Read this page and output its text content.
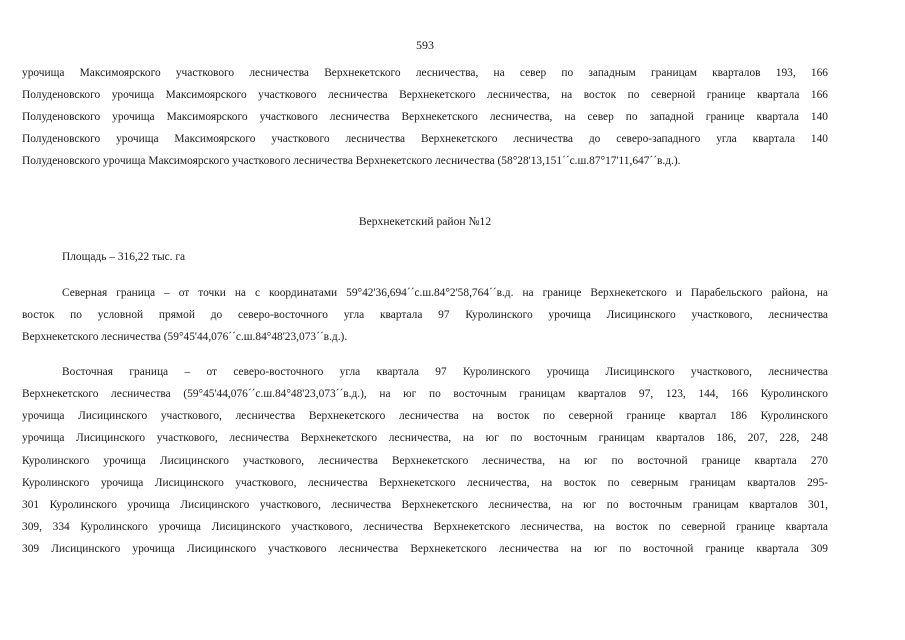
593
урочища Максимоярского участкового лесничества Верхнекетского лесничества, на север по западным границам кварталов 193, 166
Полуденовского урочища Максимоярского участкового лесничества Верхнекетского лесничества, на восток по северной границе квартала 166
Полуденовского урочища Максимоярского участкового лесничества Верхнекетского лесничества, на север по западной границе квартала 140
Полуденовского урочища Максимоярского участкового лесничества Верхнекетского лесничества до северо-западного угла квартала 140
Полуденовского урочища Максимоярского участкового лесничества Верхнекетского лесничества (58°28'13,151´´с.ш.87°17'11,647´´в.д.).
Верхнекетский район №12
Площадь – 316,22 тыс. га
Северная граница – от точки на с координатами 59°42'36,694´´с.ш.84°2'58,764´´в.д. на границе Верхнекетского и Парабельского района, на
восток по условной прямой до северо-восточного угла квартала 97 Куролинского урочища Лисицинского участкового, лесничества
Верхнекетского лесничества (59°45'44,076´´с.ш.84°48'23,073´´в.д.).
Восточная граница – от северо-восточного угла квартала 97 Куролинского урочища Лисицинского участкового, лесничества
Верхнекетского лесничества (59°45'44,076´´с.ш.84°48'23,073´´в.д.), на юг по восточным границам кварталов 97, 123, 144, 166 Куролинского
урочища Лисицинского участкового, лесничества Верхнекетского лесничества на восток по северной границе квартал 186 Куролинского
урочища Лисицинского участкового, лесничества Верхнекетского лесничества, на юг по восточным границам кварталов 186, 207, 228, 248
Куролинского урочища Лисицинского участкового, лесничества Верхнекетского лесничества, на юг по восточной границе квартала 270
Куролинского урочища Лисицинского участкового, лесничества Верхнекетского лесничества, на восток по северным границам кварталов 295-
301 Куролинского урочища Лисицинского участкового, лесничества Верхнекетского лесничества, на юг по восточным границам кварталов 301,
309, 334 Куролинского урочища Лисицинского участкового, лесничества Верхнекетского лесничества, на восток по северной границе квартала
309 Лисицинского урочища Лисицинского участкового лесничества Верхнекетского лесничества на юг по восточной границе квартала 309
